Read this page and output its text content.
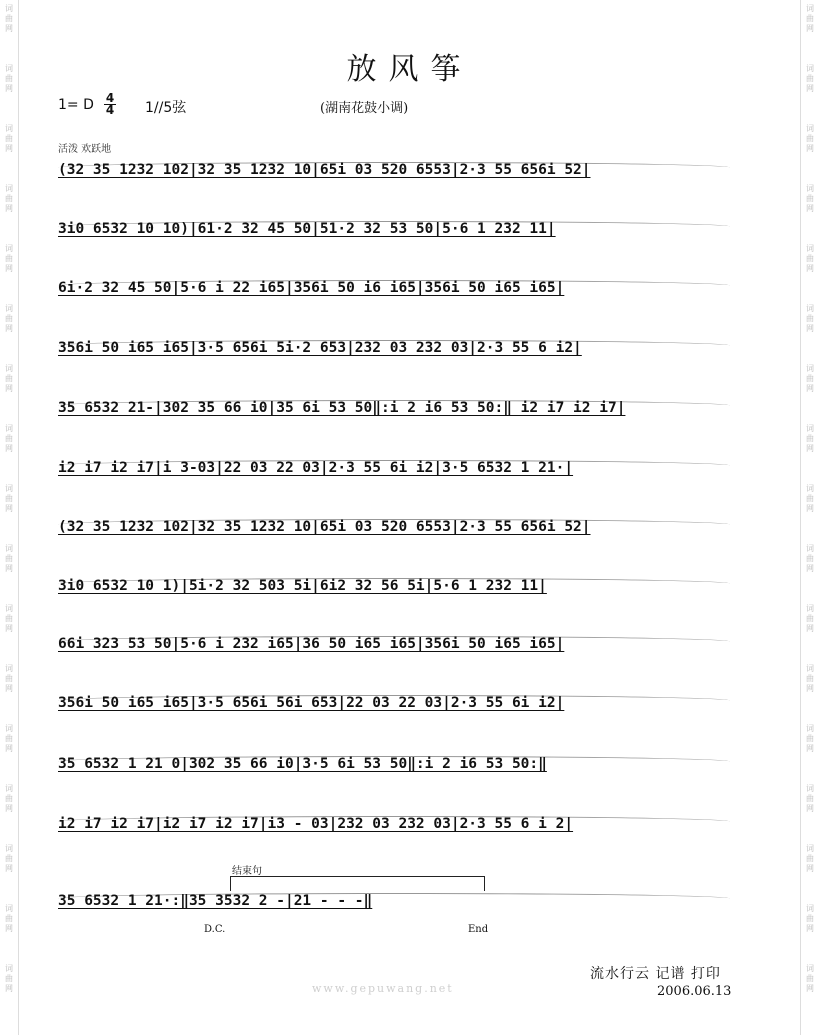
词
曲
网
词
曲
网
词
曲
网
词
曲
网
词
曲
网
词
曲
网
词
曲
网
词
曲
网
词
曲
网
词
曲
网
词
曲
网
词
曲
网
词
曲
网
词
曲
网
词
曲
网
词
曲
网
词
曲
网
词
曲
网
词
曲
网
词
曲
网
词
曲
网
词
曲
网
词
曲
网
词
曲
网
词
曲
网
词
曲
网
词
曲
网
词
曲
网
词
曲
网
词
曲
网
词
曲
网
词
曲
网
词
曲
网
词
曲
网
放风筝
1= D 4
4 1//5弦	(湖南花鼓小调)
活泼 欢跃地
(32 35 1232 102|32 35 1232 10|65i 03 520 6553|2·3 55 656i 52|
3i0 6532 10 10)|61·2 32 45 50|51·2 32 53 50|5·6 1 232 11|
6i·2 32 45 50|5·6 i 22 i65|356i 50 i6 i65|356i 50 i65 i65|
356i 50 i65 i65|3·5 656i 5i·2 653|232 03 232 03|2·3 55 6 i2|
35 6532 21-|302 35 66 i0|35 6i 53 50‖:i 2 i6 53 50:‖ i2 i7 i2 i7|
i2 i7 i2 i7|i 3-03|22 03 22 03|2·3 55 6i i2|3·5 6532 1 21·|
(32 35 1232 102|32 35 1232 10|65i 03 520 6553|2·3 55 656i 52|
3i0 6532 10 1)|5i·2 32 503 5i|6i2 32 56 5i|5·6 1 232 11|
66i 323 53 50|5·6 i 232 i65|36 50 i65 i65|356i 50 i65 i65|
356i 50 i65 i65|3·5 656i 56i 653|22 03 22 03|2·3 55 6i i2|
35 6532 1 21 0|302 35 66 i0|3·5 6i 53 50‖:i 2 i6 53 50:‖
i2 i7 i2 i7|i2 i7 i2 i7|i3 - 03|232 03 232 03|2·3 55 6 i 2|
35 6532 1 21·:‖35 3532 2 -|21 - - -‖
结束句
D.C.	End
www.gepuwang.net
流水行云 记谱 打印
2006.06.13
